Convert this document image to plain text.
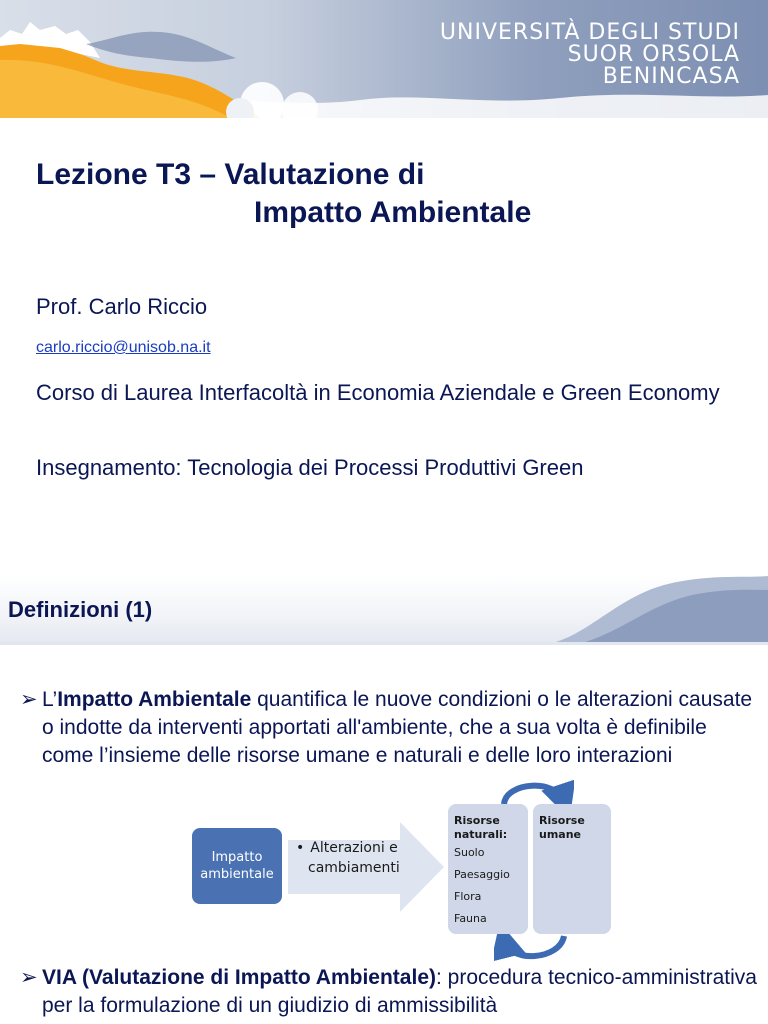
UNIVERSITÀ DEGLI STUDI
SUOR ORSOLA
BENINCASA
Lezione T3 – Valutazione di
Impatto Ambientale
Prof. Carlo Riccio
carlo.riccio@unisob.na.it
Corso di Laurea Interfacoltà in Economia Aziendale e Green Economy
Insegnamento: Tecnologia dei Processi Produttivi Green
Definizioni (1)
➢ L’Impatto Ambientale quantifica le nuove condizioni o le alterazioni causate o indotte da interventi apportati all'ambiente, che a sua volta è definibile come l’insieme delle risorse umane e naturali e delle loro interazioni
Impatto ambientale
• Alterazioni e
cambiamenti
Risorse naturali:
Suolo
Paesaggio
Flora
Fauna
Risorse umane
➢ VIA (Valutazione di Impatto Ambientale): procedura tecnico-amministrativa per la formulazione di un giudizio di ammissibilità
